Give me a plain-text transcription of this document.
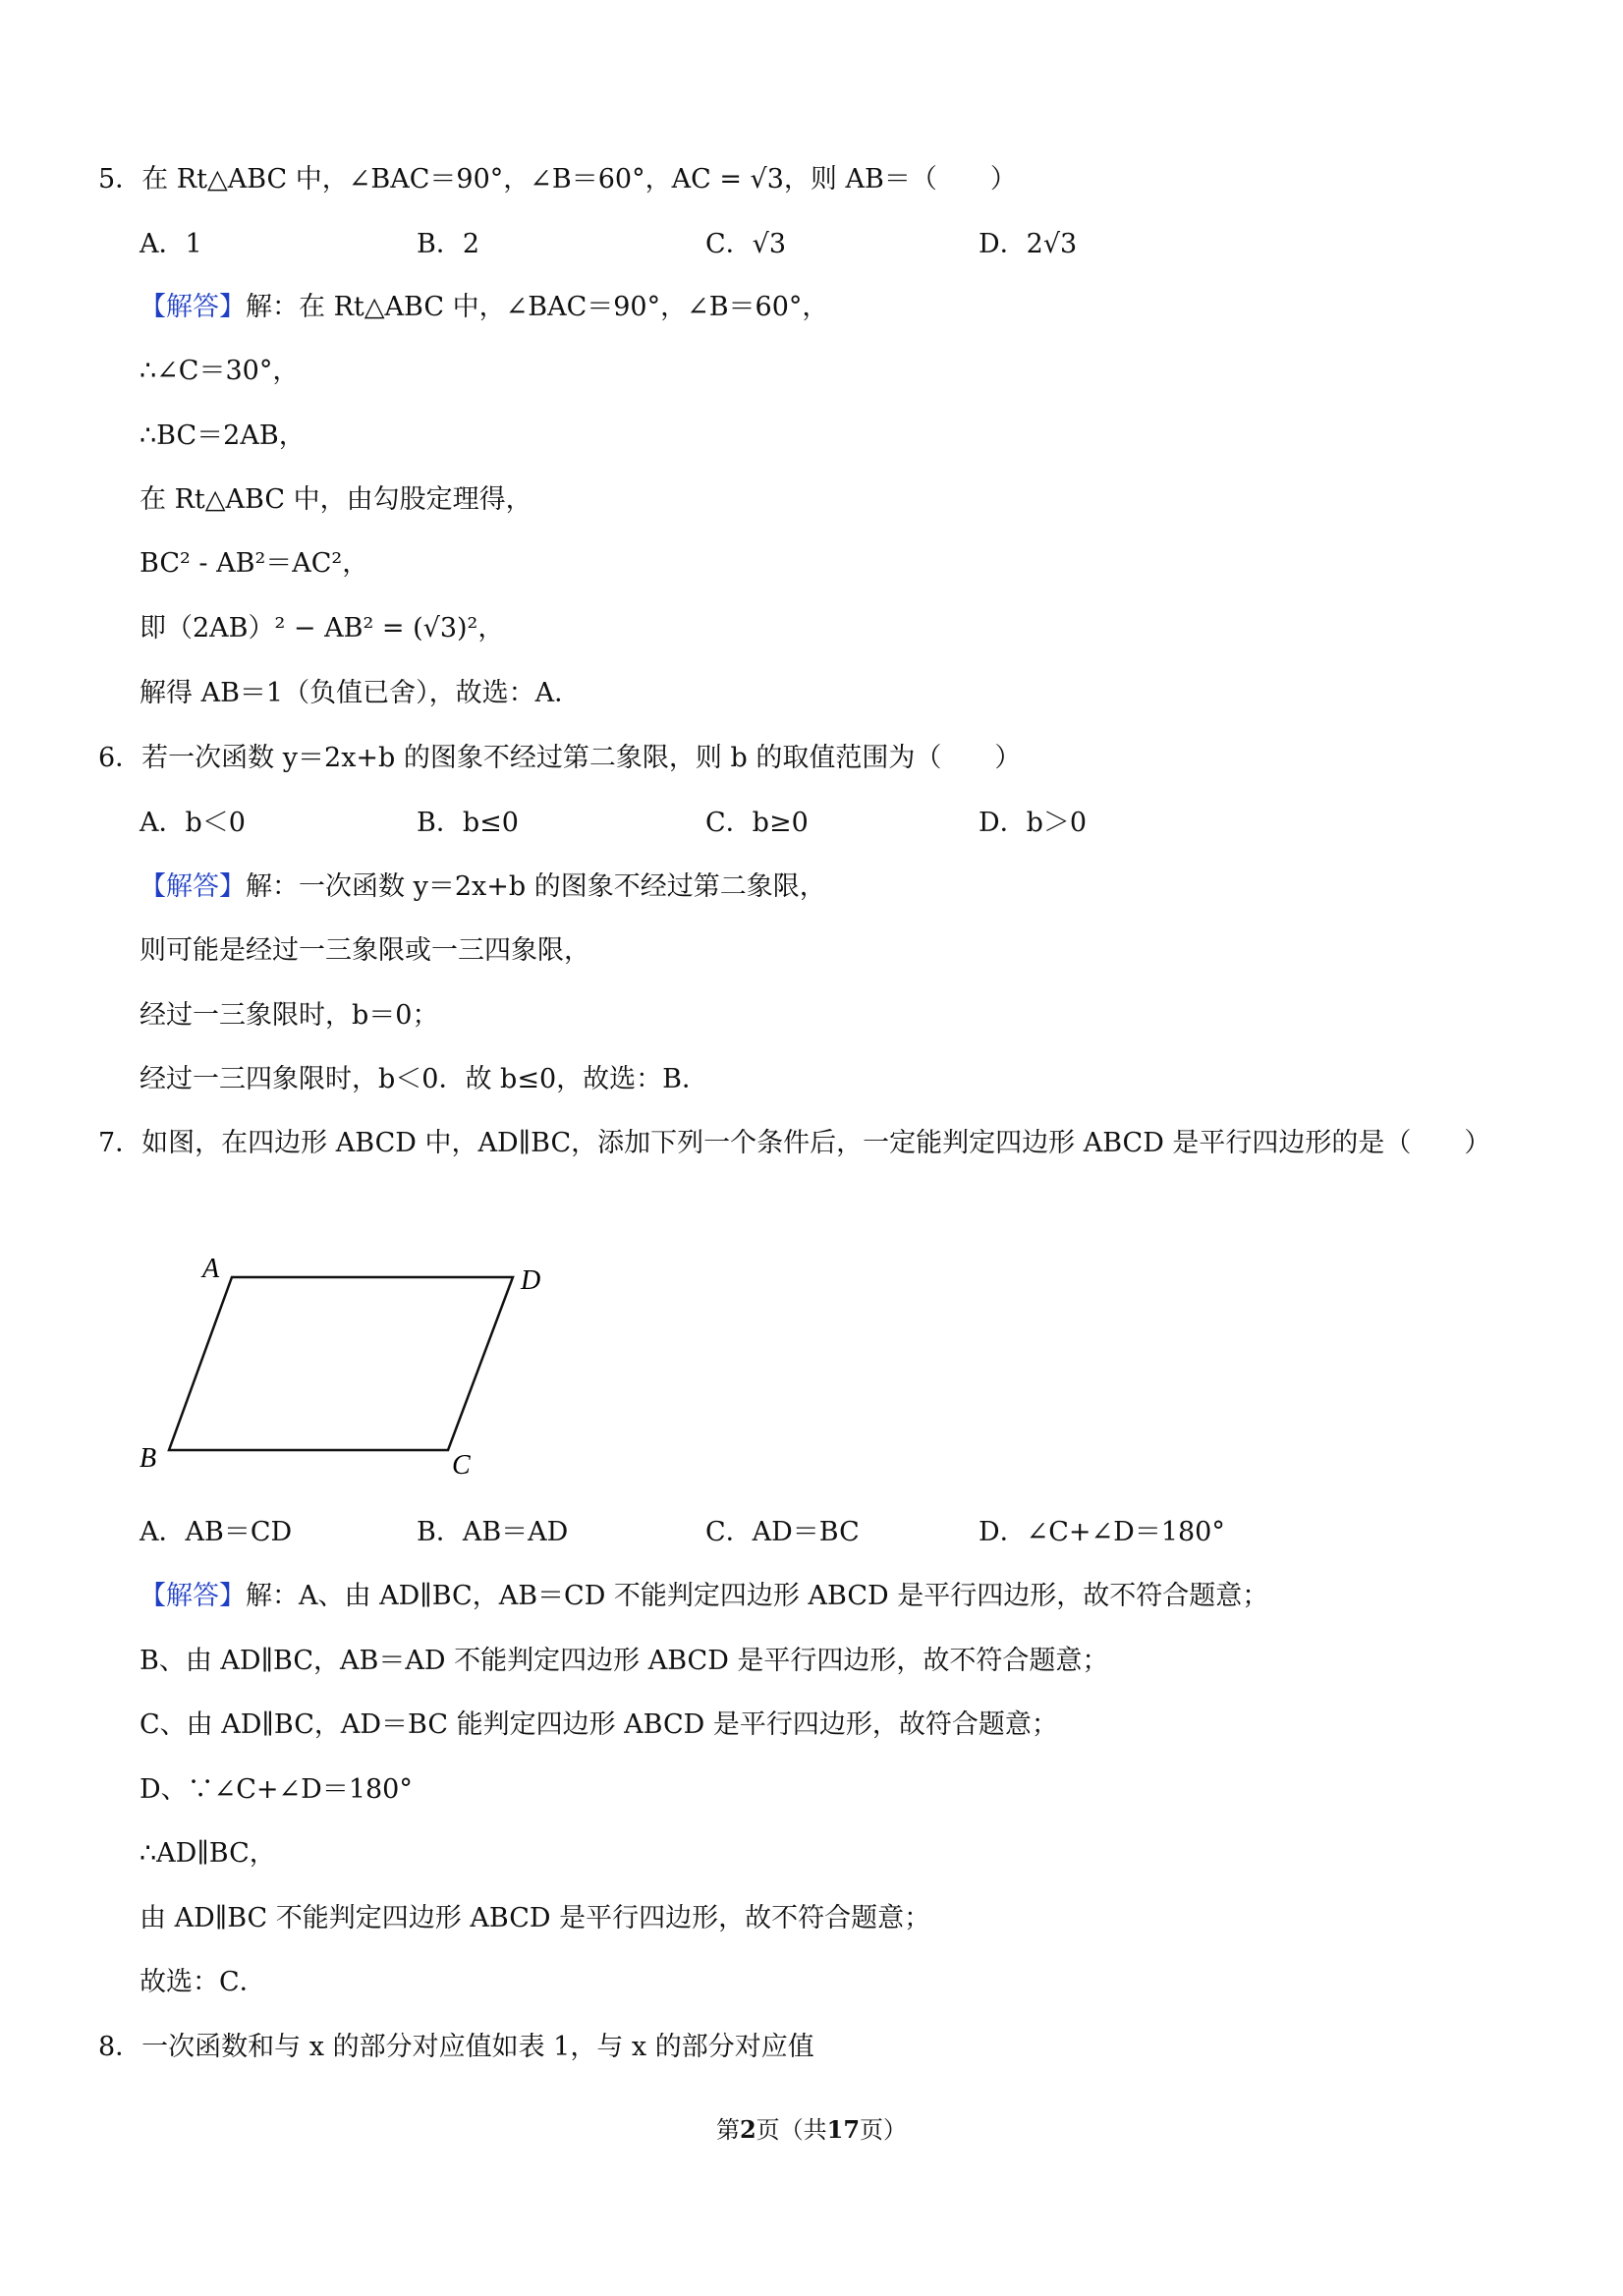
5．在 Rt△ABC 中，∠BAC＝90°，∠B＝60°，AC = √3，则 AB＝（　　）
A．1	B．2	C．√3	D．2√3
【解答】解：在 Rt△ABC 中，∠BAC＝90°，∠B＝60°，
∴∠C＝30°，
∴BC＝2AB，
在 Rt△ABC 中，由勾股定理得，
BC² - AB²＝AC²，
即（2AB）² − AB² = (√3)²，
解得 AB＝1（负值已舍），故选：A．
6．若一次函数 y＝2x+b 的图象不经过第二象限，则 b 的取值范围为（　　）
A．b＜0	B．b≤0	C．b≥0	D．b＞0
【解答】解：一次函数 y＝2x+b 的图象不经过第二象限，
则可能是经过一三象限或一三四象限，
经过一三象限时，b＝0；
经过一三四象限时，b＜0．故 b≤0，故选：B．
7．如图，在四边形 ABCD 中，AD∥BC，添加下列一个条件后，一定能判定四边形 ABCD 是平行四边形的是（　　）
A	D
B	C
A．AB＝CD	B．AB＝AD	C．AD＝BC	D．∠C+∠D＝180°
【解答】解：A、由 AD∥BC，AB＝CD 不能判定四边形 ABCD 是平行四边形，故不符合题意；
B、由 AD∥BC，AB＝AD 不能判定四边形 ABCD 是平行四边形，故不符合题意；
C、由 AD∥BC，AD＝BC 能判定四边形 ABCD 是平行四边形，故符合题意；
D、∵∠C+∠D＝180°
∴AD∥BC，
由 AD∥BC 不能判定四边形 ABCD 是平行四边形，故不符合题意；
故选：C．
8．一次函数和与 x 的部分对应值如表 1，与 x 的部分对应值
第2页（共17页）
